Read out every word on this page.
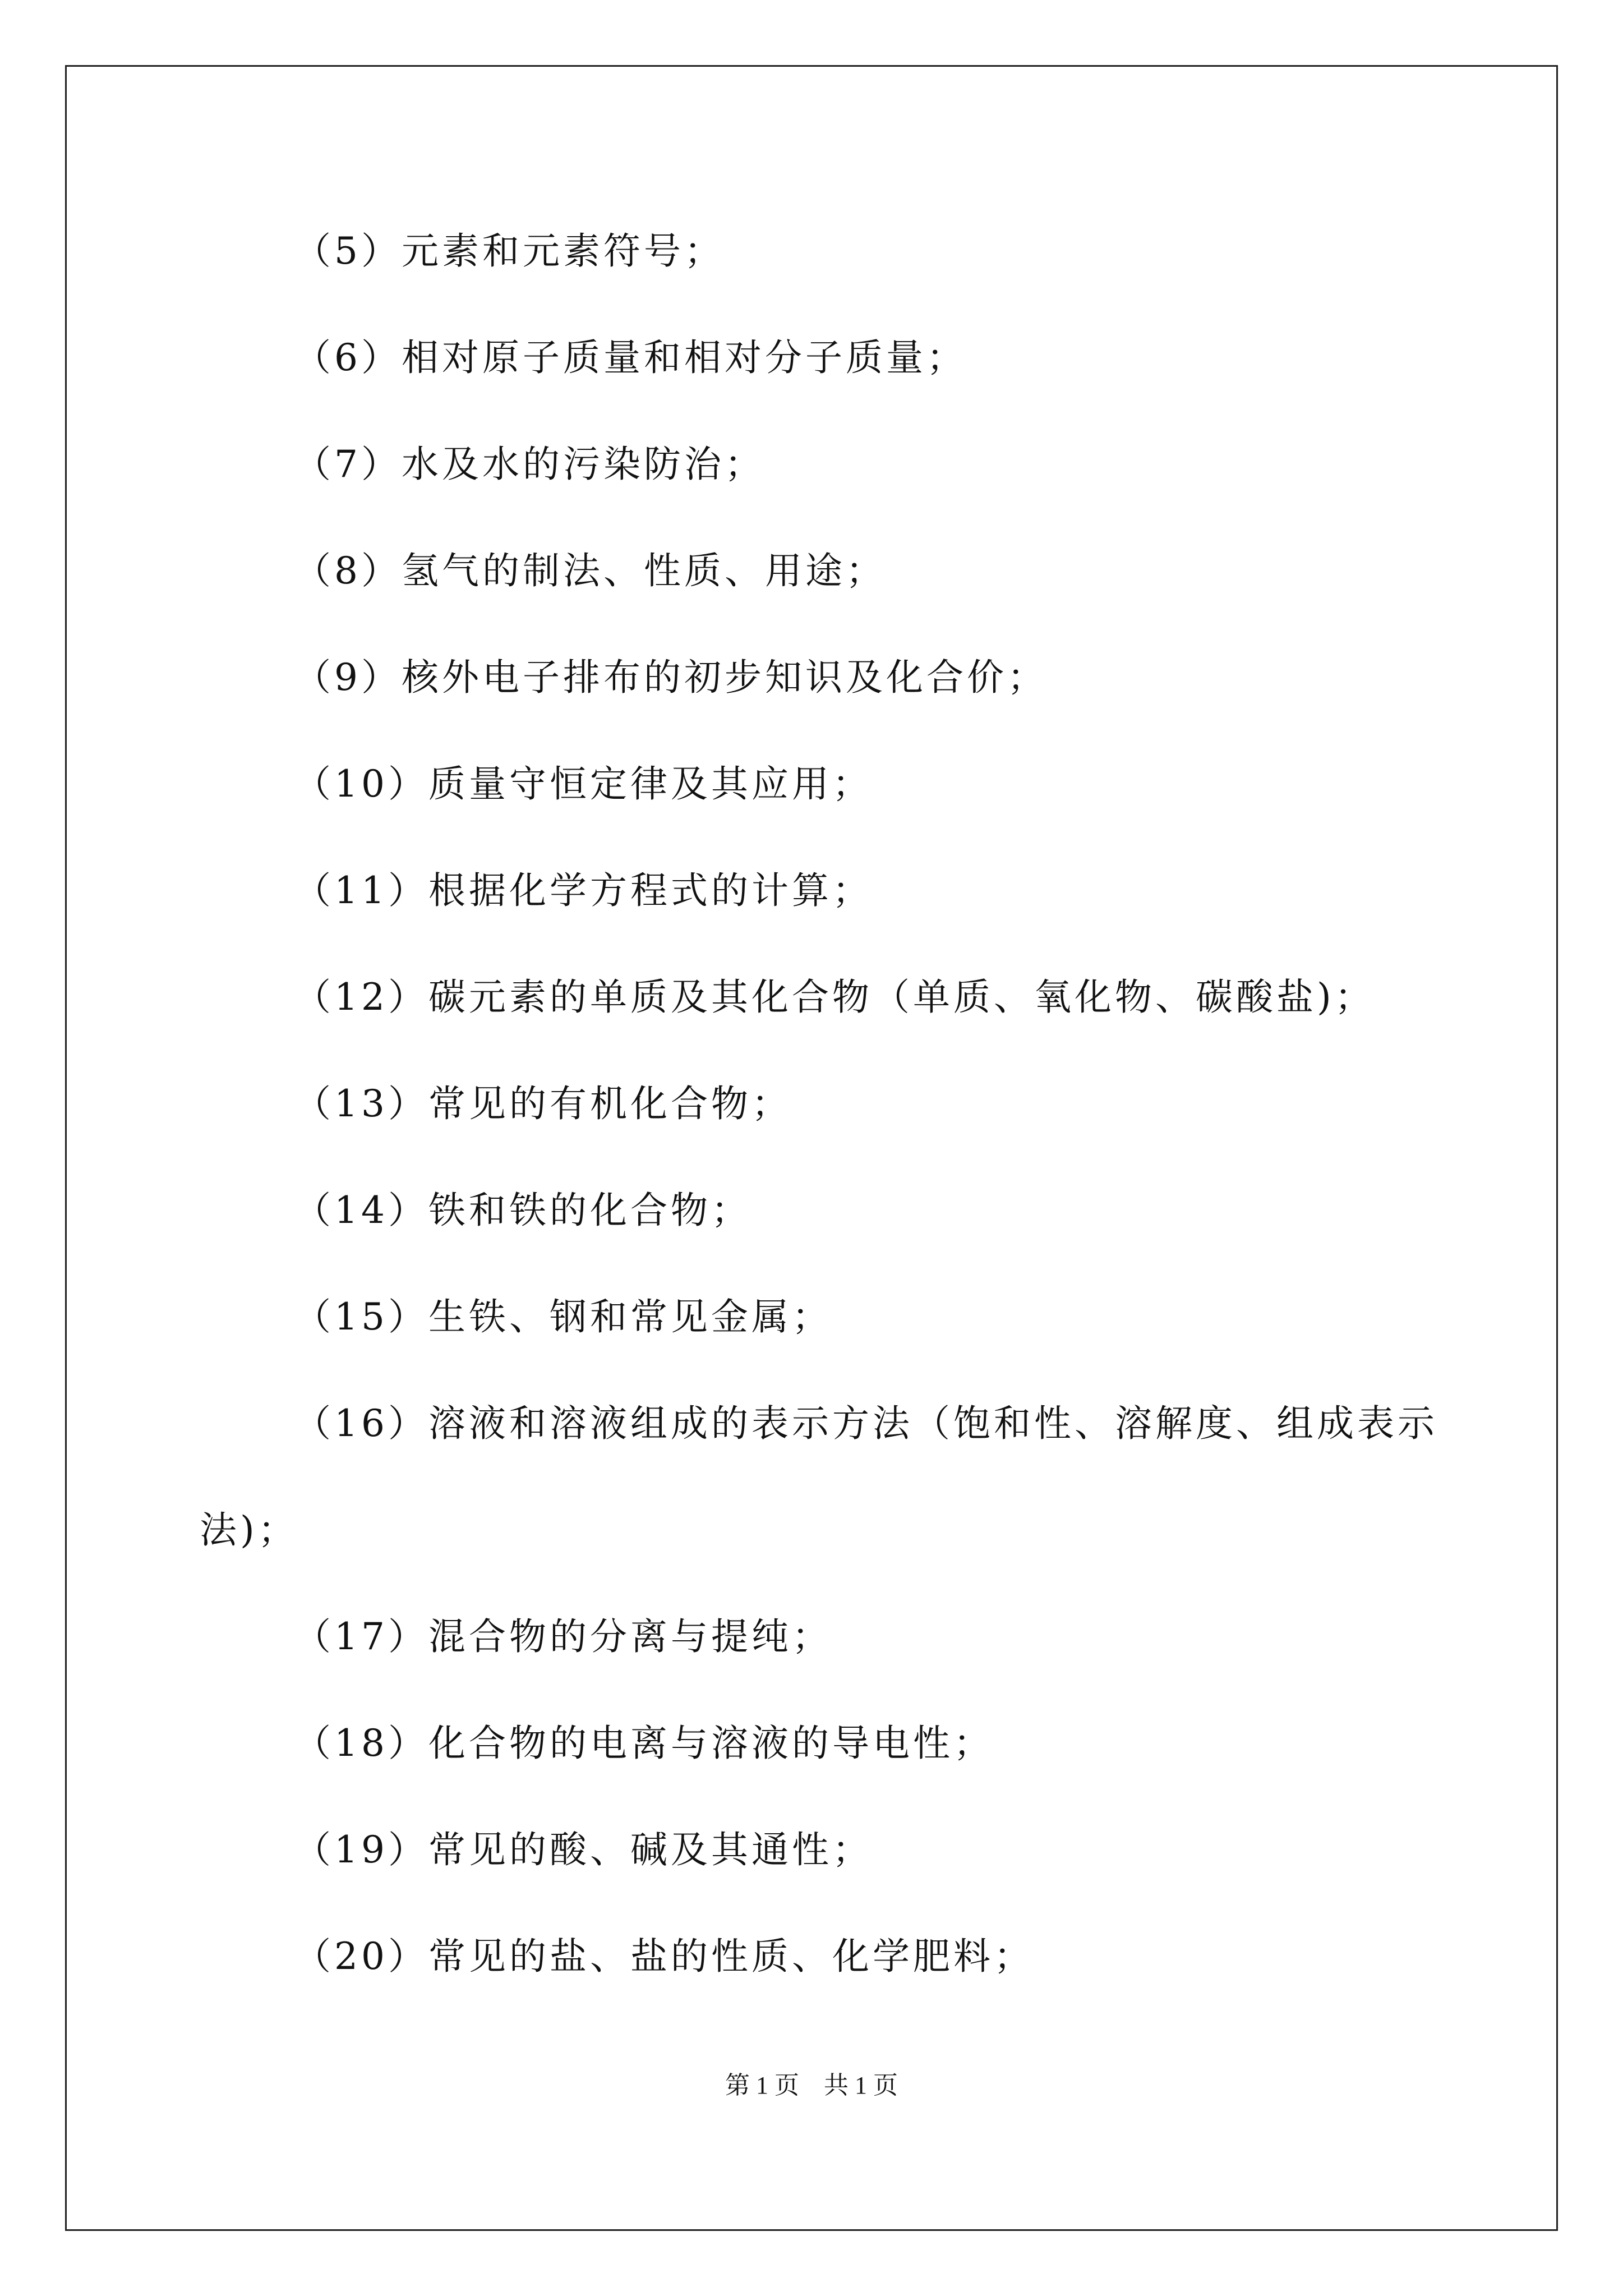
（5）元素和元素符号；
（6）相对原子质量和相对分子质量；
（7）水及水的污染防治；
（8）氢气的制法、性质、用途；
（9）核外电子排布的初步知识及化合价；
（10）质量守恒定律及其应用；
（11）根据化学方程式的计算；
（12）碳元素的单质及其化合物（单质、氧化物、碳酸盐)；
（13）常见的有机化合物；
（14）铁和铁的化合物；
（15）生铁、钢和常见金属；
（16）溶液和溶液组成的表示方法（饱和性、溶解度、组成表示
法)；
（17）混合物的分离与提纯；
（18）化合物的电离与溶液的导电性；
（19）常见的酸、碱及其通性；
（20）常见的盐、盐的性质、化学肥料；
第 1 页　共 1 页
